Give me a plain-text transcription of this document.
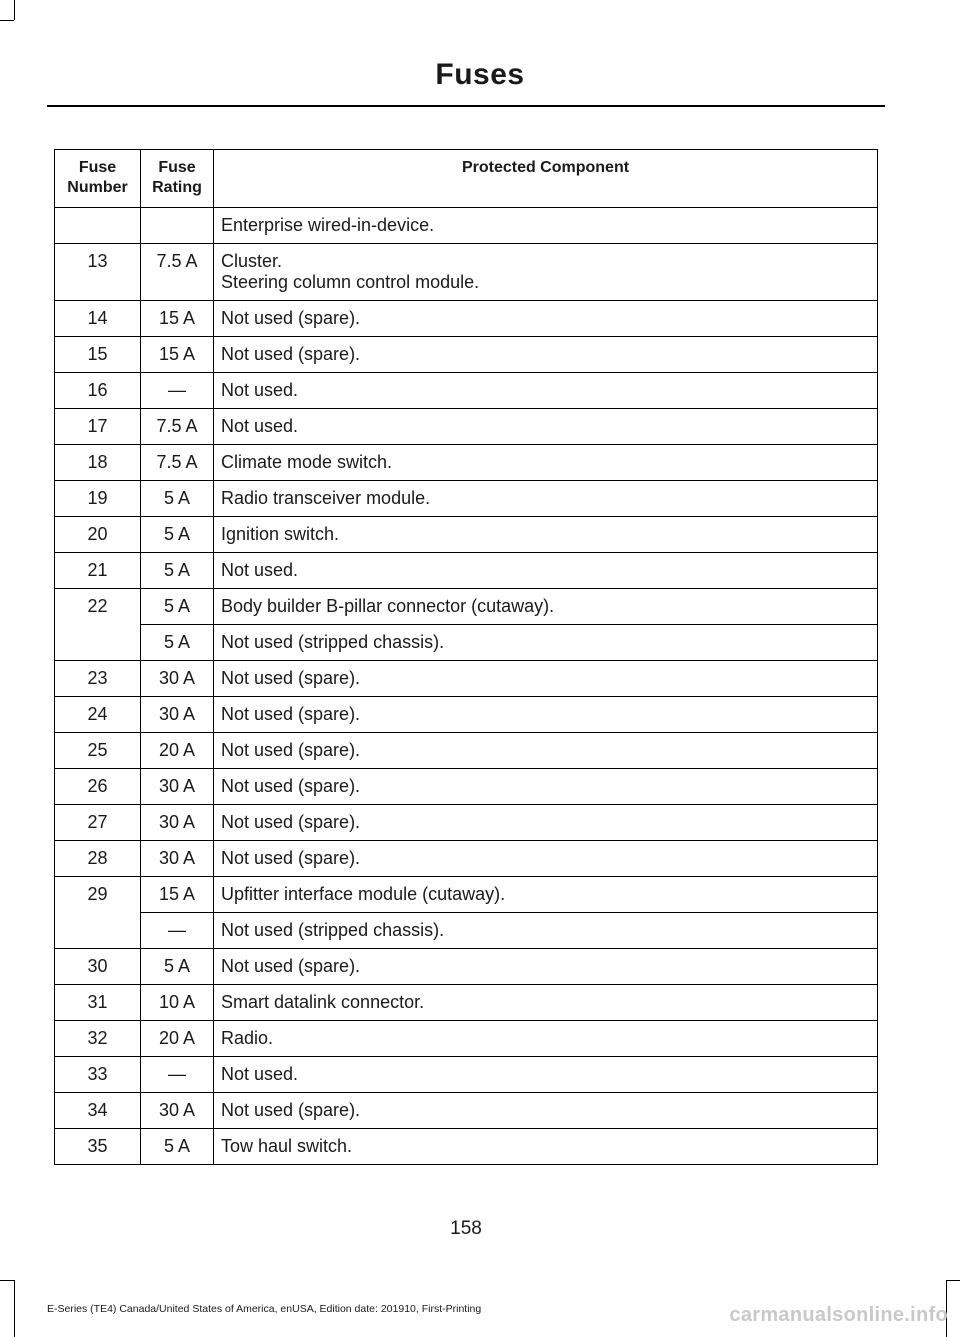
Fuses
Fuse Number	Fuse Rating	Protected Component

		Enterprise wired-in-device.

13	7.5 A	Cluster.
Steering column control module.

14	15 A	Not used (spare).

15	15 A	Not used (spare).

16	—	Not used.

17	7.5 A	Not used.

18	7.5 A	Climate mode switch.

19	5 A	Radio transceiver module.

20	5 A	Ignition switch.

21	5 A	Not used.

22	5 A	Body builder B-pillar connector (cutaway).

	5 A	Not used (stripped chassis).

23	30 A	Not used (spare).

24	30 A	Not used (spare).

25	20 A	Not used (spare).

26	30 A	Not used (spare).

27	30 A	Not used (spare).

28	30 A	Not used (spare).

29	15 A	Upfitter interface module (cutaway).

	—	Not used (stripped chassis).

30	5 A	Not used (spare).

31	10 A	Smart datalink connector.

32	20 A	Radio.

33	—	Not used.

34	30 A	Not used (spare).

35	5 A	Tow haul switch.
158
E-Series (TE4) Canada/United States of America, enUSA, Edition date: 201910, First-Printing	carmanualsonline.info
